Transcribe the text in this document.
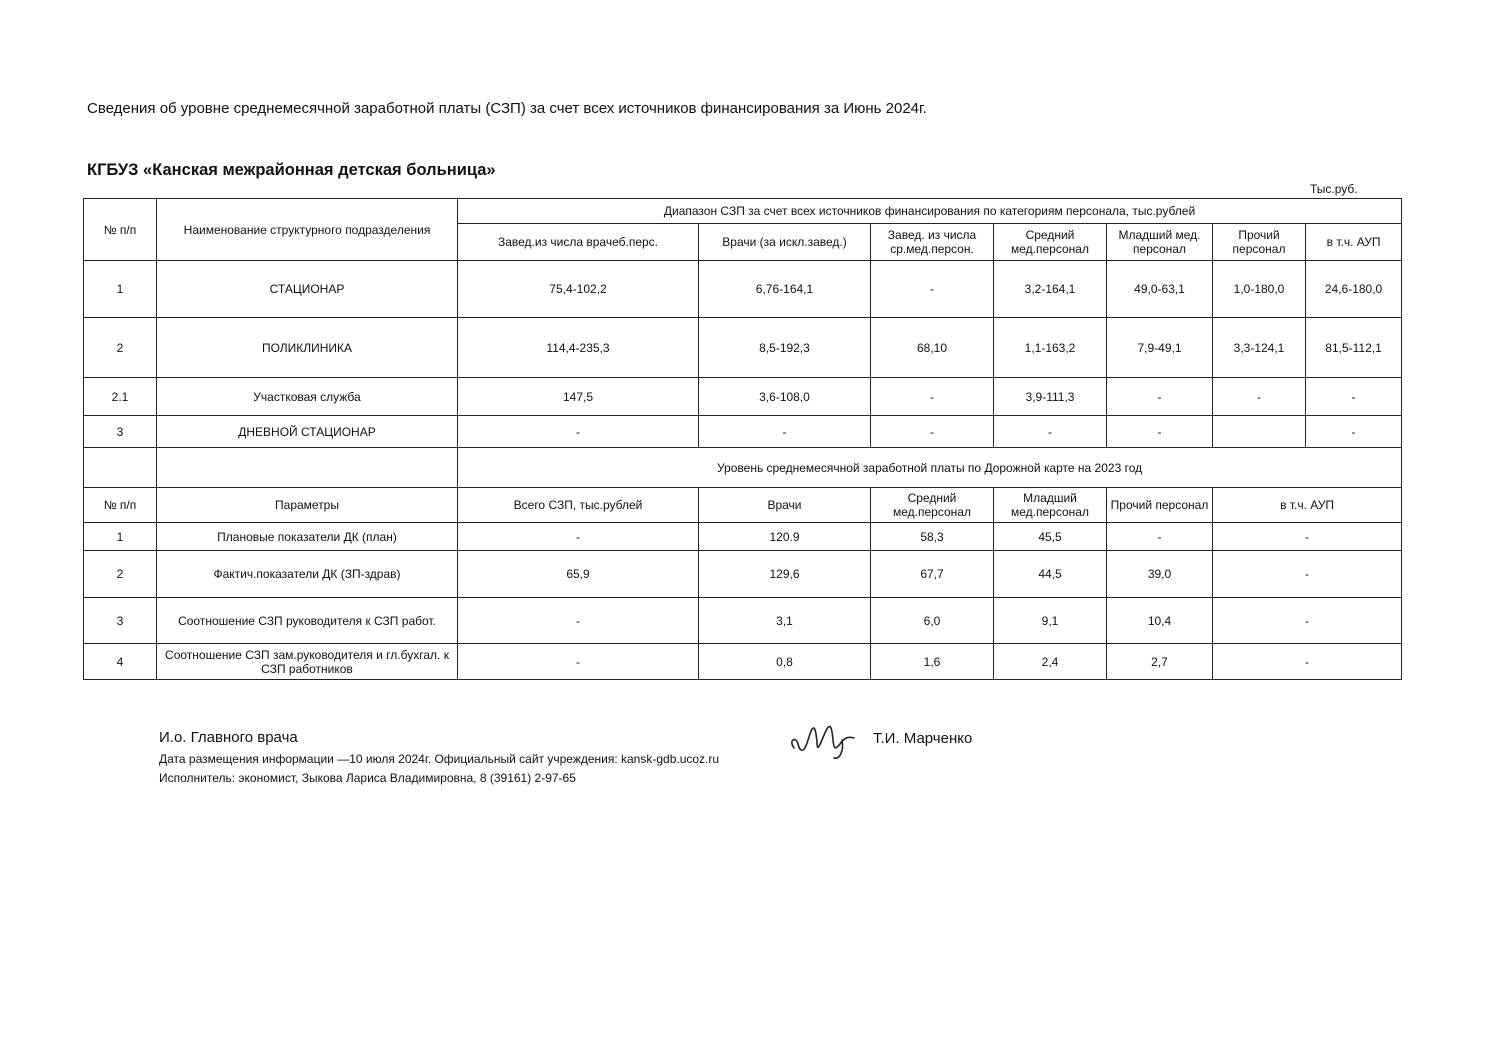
Сведения об уровне среднемесячной заработной платы (СЗП) за счет всех источников финансирования за Июнь 2024г.
КГБУЗ «Канская межрайонная детская больница»
Тыс.руб.
№ п/п	Наименование структурного подразделения	Диапазон СЗП за счет всех источников финансирования по категориям персонала, тыс.рублей						
		Завед.из числа врачеб.перс.	Врачи (за искл.завед.)	Завед. из числа ср.мед.персон.	Средний мед.персонал	Младший мед. персонал	Прочий персонал	в т.ч. АУП
1	СТАЦИОНАР	75,4-102,2	6,76-164,1	-	3,2-164,1	49,0-63,1	1,0-180,0	24,6-180,0
2	ПОЛИКЛИНИКА	114,4-235,3	8,5-192,3	68,10	1,1-163,2	7,9-49,1	3,3-124,1	81,5-112,1
2.1	Участковая служба	147,5	3,6-108,0	-	3,9-111,3	-	-	-
3	ДНЕВНОЙ СТАЦИОНАР	-	-	-	-	-		-
		Уровень среднемесячной заработной платы по Дорожной карте на 2023 год						
№ п/п	Параметры	Всего СЗП, тыс.рублей	Врачи	Средний мед.персонал	Младший мед.персонал	Прочий персонал	в т.ч. АУП	
1	Плановые показатели ДК (план)	-	120.9	58,3	45,5	-	-	
2	Фактич.показатели ДК (ЗП-здрав)	65,9	129,6	67,7	44,5	39,0	-	
3	Соотношение СЗП руководителя к СЗП работ.	-	3,1	6,0	9,1	10,4	-	
4	Соотношение СЗП зам.руководителя и гл.бухгал. к СЗП работников	-	0,8	1,6	2,4	2,7	-	
И.о. Главного врача	Т.И. Марченко
Дата размещения информации —10 июля 2024г. Официальный сайт учреждения: kansk-gdb.ucoz.ru
Исполнитель: экономист, Зыкова Лариса Владимировна, 8 (39161) 2-97-65
